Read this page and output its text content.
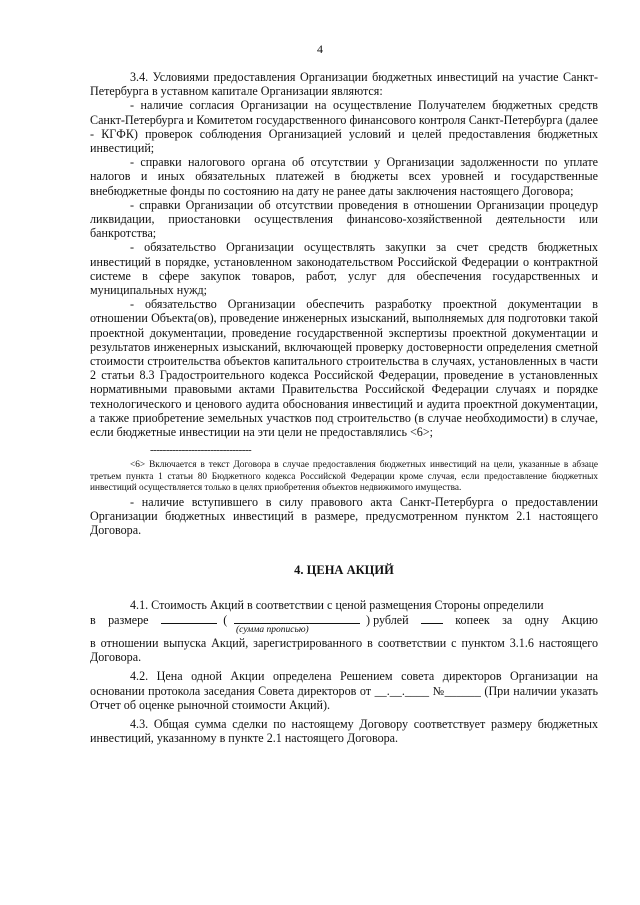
4

3.4. Условиями предоставления Организации бюджетных инвестиций на участие Санкт-Петербурга в уставном капитале Организации являются:

- наличие согласия Организации на осуществление Получателем бюджетных средств Санкт-Петербурга и Комитетом государственного финансового контроля Санкт-Петербурга (далее - КГФК) проверок соблюдения Организацией условий и целей предоставления бюджетных инвестиций;

- справки налогового органа об отсутствии у Организации задолженности по уплате налогов и иных обязательных платежей в бюджеты всех уровней и государственные внебюджетные фонды по состоянию на дату не ранее даты заключения настоящего Договора;

- справки Организации об отсутствии проведения в отношении Организации процедур ликвидации, приостановки осуществления финансово-хозяйственной деятельности или банкротства;

- обязательство Организации осуществлять закупки за счет средств бюджетных инвестиций в порядке, установленном законодательством Российской Федерации о контрактной системе в сфере закупок товаров, работ, услуг для обеспечения государственных и муниципальных нужд;

- обязательство Организации обеспечить разработку проектной документации в отношении Объекта(ов), проведение инженерных изысканий, выполняемых для подготовки такой проектной документации, проведение государственной экспертизы проектной документации и результатов инженерных изысканий, включающей проверку достоверности определения сметной стоимости строительства объектов капитального строительства в случаях, установленных в части 2 статьи 8.3 Градостроительного кодекса Российской Федерации, проведение в установленных нормативными правовыми актами Правительства Российской Федерации случаях и порядке технологического и ценового аудита обоснования инвестиций и аудита проектной документации, а также приобретение земельных участков под строительство (в случае необходимости) в случае, если бюджетные инвестиции на эти цели не предоставлялись <6>;

--------------------------------

<6> Включается в текст Договора в случае предоставления бюджетных инвестиций на цели, указанные в абзаце третьем пункта 1 статьи 80 Бюджетного кодекса Российской Федерации кроме случая, если предоставление бюджетных инвестиций осуществляется только в целях приобретения объектов недвижимого имущества.

- наличие вступившего в силу правового акта Санкт-Петербурга о предоставлении Организации бюджетных инвестиций в размере, предусмотренном пунктом 2.1 настоящего Договора.

4. ЦЕНА АКЦИЙ

4.1. Стоимость Акций в соответствии с ценой размещения Стороны определили

в размере	(	) рублей	копеек за одну Акцию
(сумма прописью)

в отношении выпуска Акций, зарегистрированного в соответствии с пунктом 3.1.6 настоящего Договора.

4.2. Цена одной Акции определена Решением совета директоров Организации на основании протокола заседания Совета директоров от __.__.____ №______ (При наличии указать Отчет об оценке рыночной стоимости Акций).

4.3. Общая сумма сделки по настоящему Договору соответствует размеру бюджетных инвестиций, указанному в пункте 2.1 настоящего Договора.
